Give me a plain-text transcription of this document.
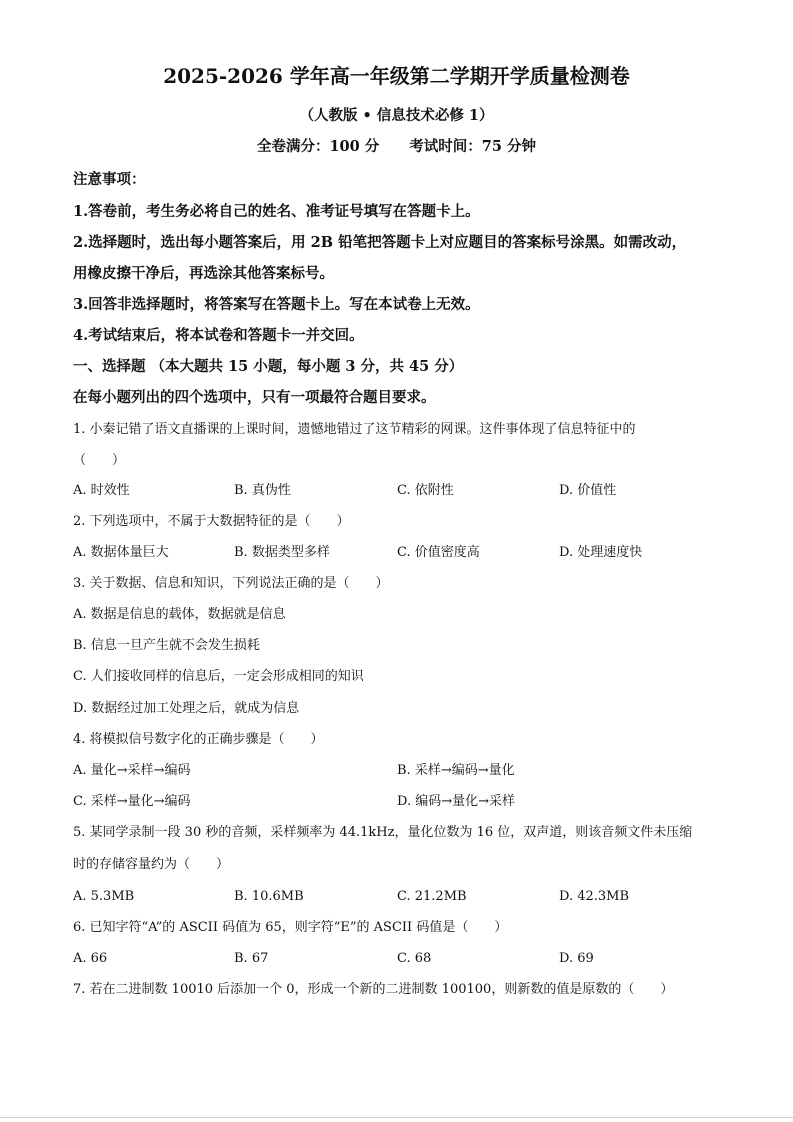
2025-2026 学年高一年级第二学期开学质量检测卷
（人教版 • 信息技术必修 1）
全卷满分：100 分 考试时间：75 分钟
注意事项：
1.答卷前，考生务必将自己的姓名、准考证号填写在答题卡上。
2.选择题时，选出每小题答案后，用 2B 铅笔把答题卡上对应题目的答案标号涂黑。如需改动，
用橡皮擦干净后，再选涂其他答案标号。
3.回答非选择题时，将答案写在答题卡上。写在本试卷上无效。
4.考试结束后，将本试卷和答题卡一并交回。
一、选择题 （本大题共 15 小题，每小题 3 分，共 45 分）
在每小题列出的四个选项中，只有一项最符合题目要求。
1. 小秦记错了语文直播课的上课时间，遗憾地错过了这节精彩的网课。这件事体现了信息特征中的
（　　）
A. 时效性	B. 真伪性	C. 依附性	D. 价值性
2. 下列选项中，不属于大数据特征的是（　　）
A. 数据体量巨大	B. 数据类型多样	C. 价值密度高	D. 处理速度快
3. 关于数据、信息和知识，下列说法正确的是（　　）
A. 数据是信息的载体，数据就是信息
B. 信息一旦产生就不会发生损耗
C. 人们接收同样的信息后，一定会形成相同的知识
D. 数据经过加工处理之后，就成为信息
4. 将模拟信号数字化的正确步骤是（　　）
A. 量化→采样→编码	B. 采样→编码→量化
C. 采样→量化→编码	D. 编码→量化→采样
5. 某同学录制一段 30 秒的音频，采样频率为 44.1kHz，量化位数为 16 位，双声道，则该音频文件未压缩
时的存储容量约为（　　）
A. 5.3MB	B. 10.6MB	C. 21.2MB	D. 42.3MB
6. 已知字符“A”的 ASCII 码值为 65，则字符“E”的 ASCII 码值是（　　）
A. 66	B. 67	C. 68	D. 69
7. 若在二进制数 10010 后添加一个 0，形成一个新的二进制数 100100，则新数的值是原数的（　　）
